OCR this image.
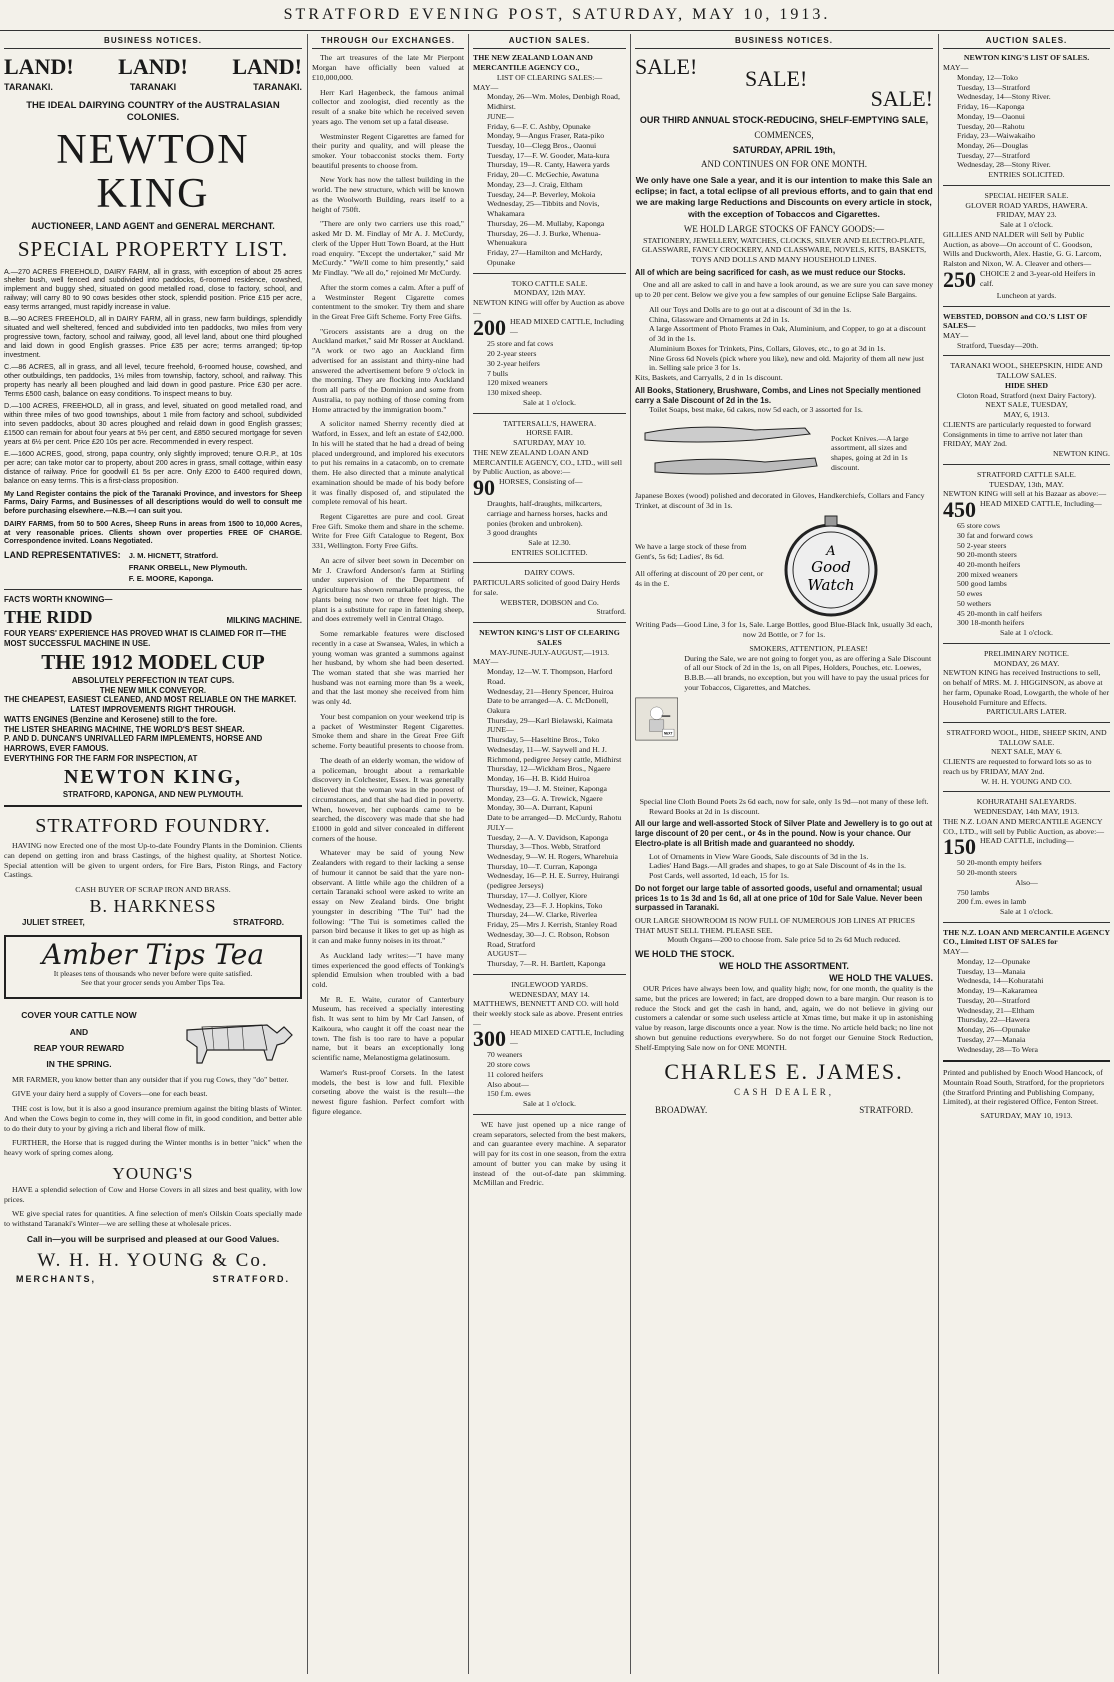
STRATFORD EVENING POST, SATURDAY, MAY 10, 1913.
BUSINESS NOTICES.
LAND! LAND! LAND!
TARANAKI.	TARANAKI	TARANAKI.
THE IDEAL DAIRYING COUNTRY of the AUSTRALASIAN COLONIES.
NEWTON KING
AUCTIONEER, LAND AGENT and GENERAL MERCHANT.
SPECIAL PROPERTY LIST.

A.—270 ACRES FREEHOLD, DAIRY FARM, all in grass, with exception of about 25 acres shelter bush, well fenced and subdivided into paddocks, 6-roomed residence, cowshed, implement and buggy shed, situated on good metalled road, close to factory, school, and railway; will carry 80 to 90 cows besides other stock, splendid position. Price £15 per acre, easy terms arranged, must rapidly increase in value.

B.—90 ACRES FREEHOLD, all in DAIRY FARM, all in grass, new farm buildings, splendidly situated and well sheltered, fenced and subdivided into ten paddocks, two miles from very progressive town, factory, school and railway, good, all level land, about one third ploughed and laid down in good English grasses. Price £35 per acre; terms arranged; tip-top investment.

C.—86 ACRES, all in grass, and all level, tecure freehold, 6-roomed house, cowshed, and other outbuildings, ten paddocks, 1½ miles from township, factory, school, and railway. This property has nearly all been ploughed and laid down in good pasture. Price £30 per acre. Terms £500 cash, balance on easy conditions. To inspect means to buy.

D.—100 ACRES, FREEHOLD, all in grass, and level, situated on good metalled road, and within three miles of two good townships, about 1 mile from factory and school, subdivided into seven paddocks, about 30 acres ploughed and relaid down in good English grasses; £1500 can remain for about four years at 5½ per cent, and £850 secured mortgage for seven years at 6½ per cent. Price £20 10s per acre. Recommended in every respect.

E.—1600 ACRES, good, strong, papa country, only slightly improved; tenure O.R.P., at 10s per acre; can take motor car to property, about 200 acres in grass, small cottage, within easy distance of railway. Price for goodwill £1 5s per acre. Only £200 to £400 required down, balance on easy terms. This is a first-class proposition.

My Land Register contains the pick of the Taranaki Province, and investors for Sheep Farms, Dairy Farms, and Businesses of all descriptions would do well to consult me before purchasing elsewhere.—N.B.—I can suit you.

DAIRY FARMS, from 50 to 500 Acres, Sheep Runs in areas from 1500 to 10,000 Acres, at very reasonable prices. Clients shown over properties FREE OF CHARGE. Correspondence invited. Loans Negotiated.

LAND REPRESENTATIVES: J. M. HICNETT, Stratford.
FRANK ORBELL, New Plymouth.
F. E. MOORE, Kaponga.
FACTS WORTH KNOWING—
THE RIDD	MILKING MACHINE.
FOUR YEARS' EXPERIENCE HAS PROVED WHAT IS CLAIMED FOR IT—THE MOST SUCCESSFUL MACHINE IN USE.
THE 1912 MODEL CUP
ABSOLUTELY PERFECTION IN TEAT CUPS.
THE NEW MILK CONVEYOR.
THE CHEAPEST, EASIEST CLEANED, AND MOST RELIABLE ON THE MARKET.
LATEST IMPROVEMENTS RIGHT THROUGH.
WATTS ENGINES (Benzine and Kerosene) still to the fore.
THE LISTER SHEARING MACHINE, THE WORLD'S BEST SHEAR.
P. AND D. DUNCAN'S UNRIVALLED FARM IMPLEMENTS, HORSE AND HARROWS, EVER FAMOUS.
EVERYTHING FOR THE FARM FOR INSPECTION, AT
NEWTON KING,
STRATFORD, KAPONGA, AND NEW PLYMOUTH.
STRATFORD FOUNDRY.

HAVING now Erected one of the most Up-to-date Foundry Plants in the Dominion. Clients can depend on getting iron and brass Castings, of the highest quality, at Shortest Notice. Special attention will be given to urgent orders, for Fire Bars, Piston Rings, and Factory Castings.

CASH BUYER OF SCRAP IRON AND BRASS.
B. HARKNESS
JULIET STREET,	STRATFORD.
Amber Tips Tea
It pleases tens of thousands who never before were quite satisfied.
See that your grocer sends you Amber Tips Tea.
COVER YOUR CATTLE NOW
AND
REAP YOUR REWARD
IN THE SPRING.

MR FARMER, you know better than any outsider that if you rug Cows, they "do" better.

GIVE your dairy herd a supply of Covers—one for each beast.

THE cost is low, but it is also a good insurance premium against the biting blasts of Winter. And when the Cows begin to come in, they will come in fit, in good condition, and better able to do their duty to your by giving a rich and liberal flow of milk.

FURTHER, the Horse that is rugged during the Winter months is in better "nick" when the heavy work of spring comes along.

YOUNG'S

HAVE a splendid selection of Cow and Horse Covers in all sizes and best quality, with low prices.

WE give special rates for quantities. A fine selection of men's Oilskin Coats specially made to withstand Taranaki's Winter—we are selling these at wholesale prices.

Call in—you will be surprised and pleased at our Good Values.
W. H. H. YOUNG & Co.
MERCHANTS,	STRATFORD.
THROUGH Our EXCHANGES.

The art treasures of the late Mr Pierpont Morgan have officially been valued at £10,000,000.

Herr Karl Hagenbeck, the famous animal collector and zoologist, died recently as the result of a snake bite which he received seven years ago. The venom set up a fatal disease.

Westminster Regent Cigarettes are famed for their purity and quality, and will please the smoker. Your tobacconist stocks them. Forty beautiful presents to choose from.

New York has now the tallest building in the world. The new structure, which will be known as the Woolworth Building, rears itself to a height of 750ft.

"There are only two carriers use this road," asked Mr D. M. Findlay of Mr A. J. McCurdy, clerk of the Upper Hutt Town Board, at the Hutt road enquiry. "Except the undertaker," said Mr McCurdy." "We'll come to him presently," said Mr Findlay. "We all do," rejoined Mr McCurdy.

After the storm comes a calm. After a puff of a Westminster Regent Cigarette comes contentment to the smoker. Try them and share in the Great Free Gift Scheme. Forty Free Gifts.

"Grocers assistants are a drug on the Auckland market," said Mr Rosser at Auckland. "A work or two ago an Auckland firm advertised for an assistant and thirty-nine had answered the advertisement before 9 o'clock in the morning. They are flocking into Auckland from all parts of the Dominion and some from Australia, to pay nothing of those coming from Home attracted by the immigration boom."

A solicitor named Sherrry recently died at Watford, in Essex, and left an estate of £42,000. In his will he stated that he had a dread of being placed underground, and implored his executors to put his remains in a catacomb, on to cremate them. He also directed that a minute analytical examination should be made of his body before it was finally disposed of, and stipulated the complete removal of his heart.

Regent Cigarettes are pure and cool. Great Free Gift. Smoke them and share in the scheme. Write for Free Gift Catalogue to Regent, Box 331, Wellington. Forty Free Gifts.

An acre of silver beet sown in December on Mr J. Crawford Anderson's farm at Stirling under supervision of the Department of Agriculture has shown remarkable progress, the plants being now two or three feet high. The plant is a substitute for rape in fattening sheep, and does extremely well in Central Otago.

Some remarkable features were disclosed recently in a case at Swansea, Wales, in which a young woman was granted a summons against her husband, by whom she had been deserted. The woman stated that she was married her husband was not earning more than 9s a week, and that the last money she received from him was only 4d.

Your best companion on your weekend trip is a packet of Westminster Regent Cigarettes. Smoke them and share in the Great Free Gift scheme. Forty beautiful presents to choose from.

The death of an elderly woman, the widow of a policeman, brought about a remarkable discovery in Colchester, Essex. It was generally believed that the woman was in the poorest of circumstances, and that she had died in poverty. When, however, her cupboards came to be searched, the discovery was made that she had £1000 in gold and silver concealed in different corners of the house.

Whatever may be said of young New Zealanders with regard to their lacking a sense of humour it cannot be said that the yare non-observant. A little while ago the children of a certain Taranaki school were asked to write an essay on New Zealand birds. One bright youngster in describing "The Tui" had the following: "The Tui is sometimes called the parson bird because it likes to get up as high as it can and make funny noises in its throat."

As Auckland lady writes:—"I have many times experienced the good effects of Tonking's splendid Emulsion when troubled with a bad cold.

Mr R. E. Waite, curator of Canterbury Museum, has received a specially interesting fish. It was sent to him by Mr Carl Jansen, of Kaikoura, who caught it off the coast near the town. The fish is too rare to have a popular name, but it bears an exceptionally long scientific name, Melanostigma gelatinosum.

Warner's Rust-proof Corsets. In the latest models, the best is low and full. Flexible corseting above the waist is the result—the newest figure fashion. Perfect comfort with figure elegance.

AUCTION SALES.
THE NEW ZEALAND LOAN AND MERCANTILE AGENCY CO.,
LIST OF CLEARING SALES:—
MAY—
Monday, 26—Wm. Moles, Denbigh Road, Midhirst.
JUNE—
Friday, 6—F. C. Ashby, Opunake
Monday, 9—Angus Fraser, Rata-piko
Tuesday, 10—Clegg Bros., Oaonui
Tuesday, 17—F. W. Gooder, Mata-kura
Thursday, 19—R. Canty, Hawera yards
Friday, 20—C. McGechie, Awatuna
Monday, 23—J. Craig, Eltham
Tuesday, 24—P. Beverley, Mokoia
Wednesday, 25—Tibbits and Novis, Whakamara
Thursday, 26—M. Mullaby, Kaponga
Thursday, 26—J. J. Burke, Whenua-Whenuakura
Friday, 27—Hamilton and McHardy, Opunake
TOKO CATTLE SALE.
MONDAY, 12th MAY.
NEWTON KING will offer by Auction as above—
200 HEAD MIXED CATTLE, Including—
25 store and fat cows
20 2-year steers
30 2-year heifers
7 bulls
120 mixed weaners
130 mixed sheep.
Sale at 1 o'clock.
TATTERSALL'S, HAWERA.
HORSE FAIR.
SATURDAY, MAY 10.
THE NEW ZEALAND LOAN AND MERCANTILE AGENCY, CO., LTD., will sell by Public Auction, as above:—
90 HORSES, Consisting of—
Draughts, half-draughts, milkcarters, carriage and harness horses, hacks and ponies (broken and unbroken).
3 good draughts
Sale at 12.30.
ENTRIES SOLICITED.
DAIRY COWS.
PARTICULARS solicited of good Dairy Herds for sale.
WEBSTER, DOBSON and Co.
Stratford.
NEWTON KING'S LIST OF CLEARING SALES
MAY-JUNE-JULY-AUGUST,—1913.
MAY—
Monday, 12—W. T. Thompson, Harford Road.
Wednesday, 21—Henry Spencer, Huiroa
Date to be arranged—A. C. McDonell, Oakura
Thursday, 29—Karl Bielawski, Kaimata
JUNE—
Thursday, 5—Haseltine Bros., Toko
Wednesday, 11—W. Saywell and H. J. Richmond, pedigree Jersey cattle, Midhirst
Thursday, 12—Wickham Bros., Ngaere
Monday, 16—H. B. Kidd Huiroa
Thursday, 19—J. M. Steiner, Kaponga
Monday, 23—G. A. Trewick, Ngaere
Monday, 30—A. Durrant, Kapuni
Date to be arranged—D. McCurdy, Rahotu
JULY—
Tuesday, 2—A. V. Davidson, Kaponga
Thursday, 3—Thos. Webb, Stratford
Wednesday, 9—W. H. Rogers, Wharehuia
Thursday, 10—T. Curran, Kaponga
Wednesday, 16—P. H. E. Surrey, Huirangi (pedigree Jerseys)
Thursday, 17—J. Collyer, Kiore
Wednesday, 23—F. J. Hopkins, Toko
Thursday, 24—W. Clarke, Riverlea
Friday, 25—Mrs J. Kerrish, Stanley Road
Wednesday, 30—J. C. Robson, Robson Road, Stratford
AUGUST—
Thursday, 7—R. H. Bartlett, Kaponga
INGLEWOOD YARDS.
WEDNESDAY, MAY 14.
MATTHEWS, BENNETT AND CO. will hold their weekly stock sale as above. Present entries—
300 HEAD MIXED CATTLE, Including—
70 weaners
20 store cows
11 colored heifers
Also about—
150 f.m. ewes
Sale at 1 o'clock.

WE have just opened up a nice range of cream separators, selected from the best makers, and can guarantee every machine. A separator will pay for its cost in one season, from the extra amount of butter you can make by using it instead of the out-of-date pan skimming. McMillan and Fredric.

BUSINESS NOTICES.
SALE! SALE!
SALE!
OUR THIRD ANNUAL STOCK-REDUCING, SHELF-EMPTYING SALE,
COMMENCES,
SATURDAY, APRIL 19th,
AND CONTINUES ON FOR ONE MONTH.
We only have one Sale a year, and it is our intention to make this Sale an eclipse; in fact, a total eclipse of all previous efforts, and to gain that end we are making large Reductions and Discounts on every article in stock, with the exception of Tobaccos and Cigarettes.
WE HOLD LARGE STOCKS OF FANCY GOODS:—
STATIONERY, JEWELLERY, WATCHES, CLOCKS, SILVER AND ELECTRO-PLATE, GLASSWARE, FANCY CROCKERY, AND CLASSWARE, NOVELS, KITS, BASKETS, TOYS AND DOLLS AND MANY HOUSEHOLD LINES.
All of which are being sacrificed for cash, as we must reduce our Stocks.

One and all are asked to call in and have a look around, as we are sure you can save money up to 20 per cent. Below we give you a few samples of our genuine Eclipse Sale Bargains.

All our Toys and Dolls are to go out at a discount of 3d in the 1s.
China, Glassware and Ornaments at 2d in 1s.
A large Assortment of Photo Frames in Oak, Aluminium, and Copper, to go at a discount of 3d in the 1s.
Aluminium Boxes for Trinkets, Pins, Collars, Gloves, etc., to go at 3d in 1s.
Nine Gross 6d Novels (pick where you like), new and old. Majority of them all new just in. Selling sale price 3 for 1s.
Kits, Baskets, and Carryalls, 2 d in 1s discount.
All Books, Stationery, Brushware, Combs, and Lines not Specially mentioned carry a Sale Discount of 2d in the 1s.
Toilet Soaps, best make, 6d cakes, now 5d each, or 3 assorted for 1s.
Pocket Knives.—A large assortment, all sizes and shapes, going at 2d in 1s discount.
Japanese Boxes (wood) polished and decorated in Gloves, Handkerchiefs, Collars and Fancy Trinket, at discount of 3d in 1s.
We have a large stock of these from Gent's, 5s 6d; Ladies', 8s 6d.
All offering at discount of 20 per cent, or 4s in the £.
A
Good
Watch
Writing Pads—Good Line, 3 for 1s, Sale. Large Bottles, good Blue-Black Ink, usually 3d each, now 2d Bottle, or 7 for 1s.
NEXT
SMOKERS, ATTENTION, PLEASE!
During the Sale, we are not going to forget you, as are offering a Sale Discount of all our Stock of 2d in the 1s, on all Pipes, Holders, Pouches, etc. Loewes, B.B.B.—all brands, no exception, but you will have to pay the usual prices for your Tobaccos, Cigarettes, and Matches.
Special line Cloth Bound Poets 2s 6d each, now for sale, only 1s 9d—not many of these left.
Reward Books at 2d in 1s discount.
All our large and well-assorted Stock of Silver Plate and Jewellery is to go out at large discount of 20 per cent., or 4s in the pound. Now is your chance. Our Electro-plate is all British made and guaranteed no shoddy.
Lot of Ornaments in View Ware Goods, Sale discounts of 3d in the 1s.
Ladies' Hand Bags.—All grades and shapes, to go at Sale Discount of 4s in the 1s.
Post Cards, well assorted, 1d each, 15 for 1s.
Do not forget our large table of assorted goods, useful and ornamental; usual prices 1s to 1s 3d and 1s 6d, all at one price of 10d for Sale Value. Never been surpassed in Taranaki.
OUR LARGE SHOWROOM IS NOW FULL OF NUMEROUS JOB LINES AT PRICES THAT MUST SELL THEM. PLEASE SEE.
Mouth Organs—200 to choose from. Sale price 5d to 2s 6d Much reduced.
WE HOLD THE STOCK.
WE HOLD THE ASSORTMENT.
WE HOLD THE VALUES.

OUR Prices have always been low, and quality high; now, for one month, the quality is the same, but the prices are lowered; in fact, are dropped down to a bare margin. Our reason is to reduce the Stock and get the cash in hand, and, again, we do not believe in giving our customers a calendar or some such useless article at Xmas time, but make it up in astonishing value by reason, large discounts once a year. Now is the time. No article held back; no line not shown but genuine reductions everywhere. So do not forget our Genuine Stock Reduction, Shelf-Emptying Sale now on for ONE MONTH.

CHARLES E. JAMES.
CASH DEALER,
BROADWAY.	STRATFORD.
AUCTION SALES.
NEWTON KING'S LIST OF SALES.
MAY—
Monday, 12—Toko
Tuesday, 13—Stratford
Wednesday, 14—Stony River.
Friday, 16—Kaponga
Monday, 19—Oaonui
Tuesday, 20—Rahotu
Friday, 23—Waiwakaiho
Monday, 26—Douglas
Tuesday, 27—Stratford
Wednesday, 28—Stony River.
ENTRIES SOLICITED.
SPECIAL HEIFER SALE.
GLOVER ROAD YARDS, HAWERA.
FRIDAY, MAY 23.
Sale at 1 o'clock.
GILLIES AND NALDER will Sell by Public Auction, as above—On account of C. Goodson, Wills and Duckworth, Alex. Hastie, G. G. Larcom, Ralston and Nixon, W. A. Cleaver and others—
250 CHOICE 2 and 3-year-old Heifers in calf.
Luncheon at yards.
WEBSTED, DOBSON and CO.'S LIST OF SALES—
MAY—
Stratford, Tuesday—20th.
TARANAKI WOOL, SHEEPSKIN, HIDE AND TALLOW SALES.
HIDE SHED
Cloton Road, Stratford (next Dairy Factory).
NEXT SALE, TUESDAY,
MAY, 6, 1913.
CLIENTS are particularly requested to forward Consignments in time to arrive not later than FRIDAY, MAY 2nd.
NEWTON KING.
STRATFORD CATTLE SALE.
TUESDAY, 13th, MAY.
NEWTON KING will sell at his Bazaar as above:—
450 HEAD MIXED CATTLE, Including—
65 store cows
30 fat and forward cows
50 2-year steers
90 20-month steers
40 20-month heifers
200 mixed weaners
500 good lambs
50 ewes
50 wethers
45 20-month in calf heifers
300 18-month heifers
Sale at 1 o'clock.
PRELIMINARY NOTICE.
MONDAY, 26 MAY.
NEWTON KING has received Instructions to sell, on behalf of MRS. M. J. HIGGINSON, as above at her farm, Opunake Road, Lowgarth, the whole of her Household Furniture and Effects.
PARTICULARS LATER.
STRATFORD WOOL, HIDE, SHEEP SKIN, AND TALLOW SALE.
NEXT SALE, MAY 6.
CLIENTS are requested to forward lots so as to reach us by FRIDAY, MAY 2nd.
W. H. H. YOUNG AND CO.
KOHURATAHI SALEYARDS.
WEDNESDAY, 14th MAY, 1913.
THE N.Z. LOAN AND MERCANTILE AGENCY CO., LTD., will sell by Public Auction, as above:—
150 HEAD CATTLE, including—
50 20-month empty heifers
50 20-month steers
Also—
750 lambs
200 f.m. ewes in lamb
Sale at 1 o'clock.
THE N.Z. LOAN AND MERCANTILE AGENCY CO., Limited LIST OF SALES for
MAY—
Monday, 12—Opunake
Tuesday, 13—Manaia
Wednesda, 14—Kohuratahi
Monday, 19—Kakaramea
Tuesday, 20—Stratford
Wednesday, 21—Eltham
Thursday, 22—Hawera
Monday, 26—Opunake
Tuesday, 27—Manaia
Wednesday, 28—To Wera
Printed and published by Enoch Wood Hancock, of Mountain Road South, Stratford, for the proprietors (the Stratford Printing and Publishing Company, Limited), at their registered Office, Fenton Street.
SATURDAY, MAY 10, 1913.
